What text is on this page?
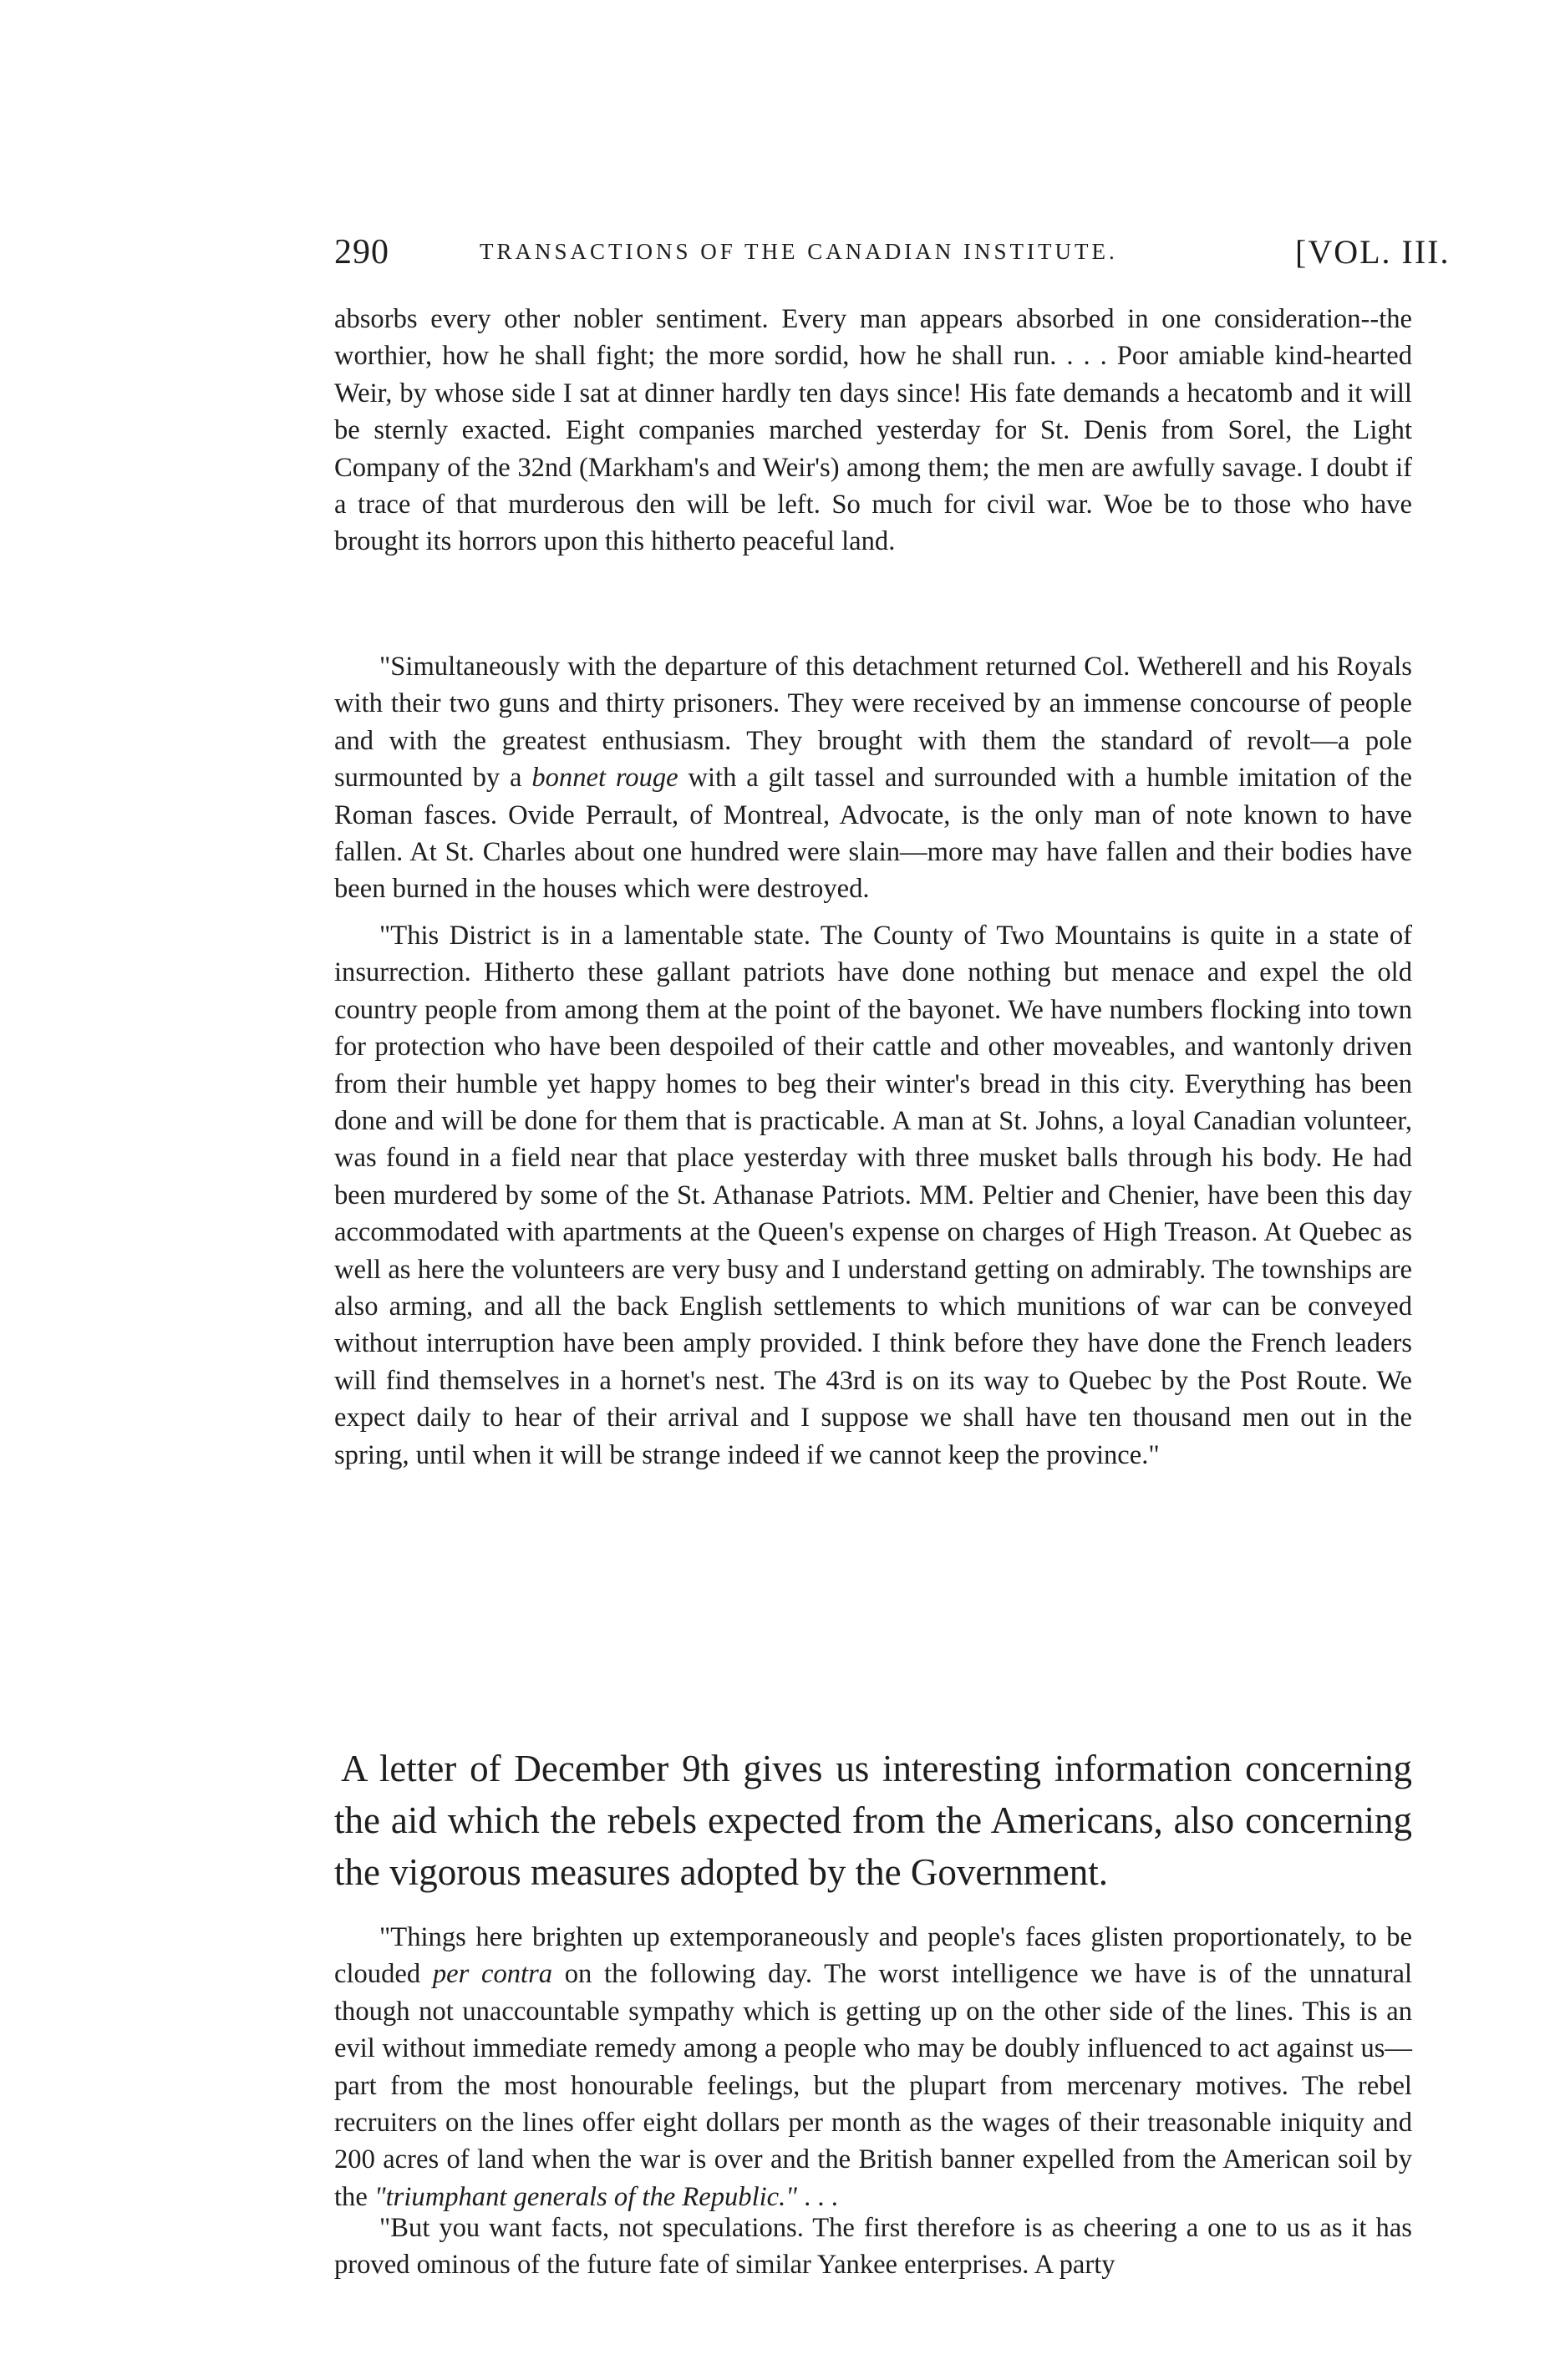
290	TRANSACTIONS OF THE CANADIAN INSTITUTE.	[VOL. III.

absorbs every other nobler sentiment. Every man appears absorbed in one consideration--the worthier, how he shall fight; the more sordid, how he shall run. . . . Poor amiable kind-hearted Weir, by whose side I sat at dinner hardly ten days since! His fate demands a hecatomb and it will be sternly exacted. Eight companies marched yesterday for St. Denis from Sorel, the Light Company of the 32nd (Markham's and Weir's) among them; the men are awfully savage. I doubt if a trace of that murderous den will be left. So much for civil war. Woe be to those who have brought its horrors upon this hitherto peaceful land.

"Simultaneously with the departure of this detachment returned Col. Wetherell and his Royals with their two guns and thirty prisoners. They were received by an immense concourse of people and with the greatest enthusiasm. They brought with them the standard of revolt—a pole surmounted by a bonnet rouge with a gilt tassel and surrounded with a humble imitation of the Roman fasces. Ovide Perrault, of Montreal, Advocate, is the only man of note known to have fallen. At St. Charles about one hundred were slain—more may have fallen and their bodies have been burned in the houses which were destroyed.

"This District is in a lamentable state. The County of Two Mountains is quite in a state of insurrection. Hitherto these gallant patriots have done nothing but menace and expel the old country people from among them at the point of the bayonet. We have numbers flocking into town for protection who have been despoiled of their cattle and other moveables, and wantonly driven from their humble yet happy homes to beg their winter's bread in this city. Everything has been done and will be done for them that is practicable. A man at St. Johns, a loyal Canadian volunteer, was found in a field near that place yesterday with three musket balls through his body. He had been murdered by some of the St. Athanase Patriots. MM. Peltier and Chenier, have been this day accommodated with apartments at the Queen's expense on charges of High Treason. At Quebec as well as here the volunteers are very busy and I understand getting on admirably. The townships are also arming, and all the back English settlements to which munitions of war can be conveyed without interruption have been amply provided. I think before they have done the French leaders will find themselves in a hornet's nest. The 43rd is on its way to Quebec by the Post Route. We expect daily to hear of their arrival and I suppose we shall have ten thousand men out in the spring, until when it will be strange indeed if we cannot keep the province."

A letter of December 9th gives us interesting information concerning the aid which the rebels expected from the Americans, also concerning the vigorous measures adopted by the Government.

"Things here brighten up extemporaneously and people's faces glisten proportionately, to be clouded per contra on the following day. The worst intelligence we have is of the unnatural though not unaccountable sympathy which is getting up on the other side of the lines. This is an evil without immediate remedy among a people who may be doubly influenced to act against us—part from the most honourable feelings, but the plupart from mercenary motives. The rebel recruiters on the lines offer eight dollars per month as the wages of their treasonable iniquity and 200 acres of land when the war is over and the British banner expelled from the American soil by the "triumphant generals of the Republic." . . .

"But you want facts, not speculations. The first therefore is as cheering a one to us as it has proved ominous of the future fate of similar Yankee enterprises. A party
